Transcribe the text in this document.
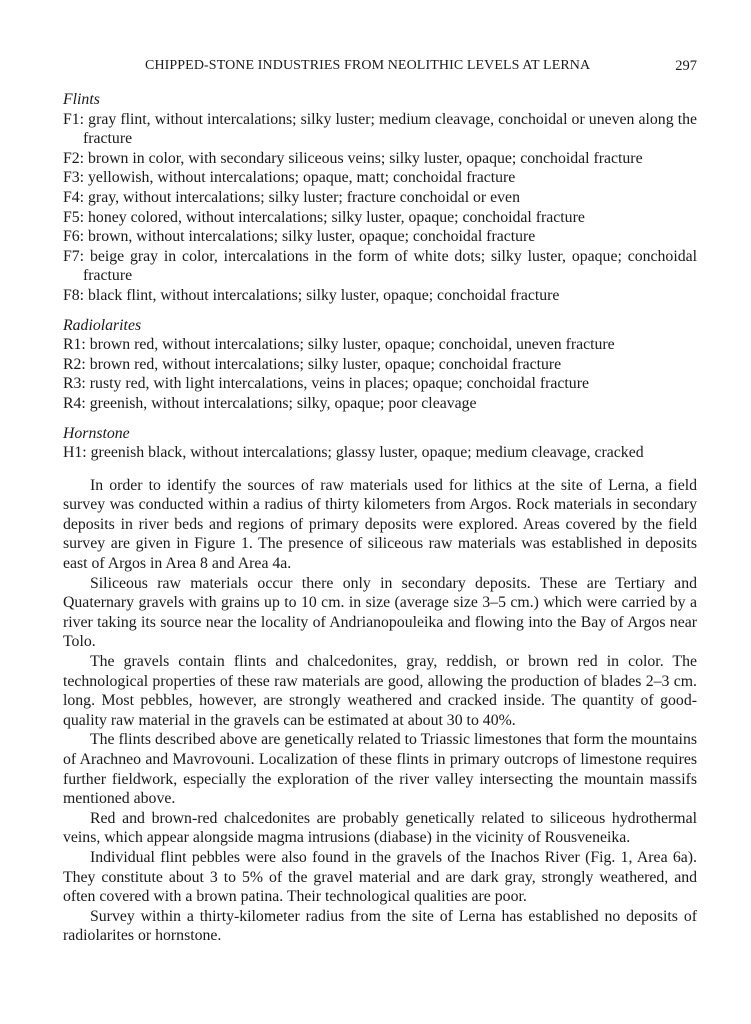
CHIPPED-STONE INDUSTRIES FROM NEOLITHIC LEVELS AT LERNA	297
Flints
F1: gray flint, without intercalations; silky luster; medium cleavage, conchoidal or uneven along the fracture
F2: brown in color, with secondary siliceous veins; silky luster, opaque; conchoidal fracture
F3: yellowish, without intercalations; opaque, matt; conchoidal fracture
F4: gray, without intercalations; silky luster; fracture conchoidal or even
F5: honey colored, without intercalations; silky luster, opaque; conchoidal fracture
F6: brown, without intercalations; silky luster, opaque; conchoidal fracture
F7: beige gray in color, intercalations in the form of white dots; silky luster, opaque; conchoidal fracture
F8: black flint, without intercalations; silky luster, opaque; conchoidal fracture
Radiolarites
R1: brown red, without intercalations; silky luster, opaque; conchoidal, uneven fracture
R2: brown red, without intercalations; silky luster, opaque; conchoidal fracture
R3: rusty red, with light intercalations, veins in places; opaque; conchoidal fracture
R4: greenish, without intercalations; silky, opaque; poor cleavage
Hornstone
H1: greenish black, without intercalations; glassy luster, opaque; medium cleavage, cracked

In order to identify the sources of raw materials used for lithics at the site of Lerna, a field survey was conducted within a radius of thirty kilometers from Argos. Rock materials in secondary deposits in river beds and regions of primary deposits were explored. Areas covered by the field survey are given in Figure 1. The presence of siliceous raw materials was established in deposits east of Argos in Area 8 and Area 4a.

Siliceous raw materials occur there only in secondary deposits. These are Tertiary and Quaternary gravels with grains up to 10 cm. in size (average size 3–5 cm.) which were carried by a river taking its source near the locality of Andrianopouleika and flowing into the Bay of Argos near Tolo.

The gravels contain flints and chalcedonites, gray, reddish, or brown red in color. The technological properties of these raw materials are good, allowing the production of blades 2–3 cm. long. Most pebbles, however, are strongly weathered and cracked inside. The quantity of good-quality raw material in the gravels can be estimated at about 30 to 40%.

The flints described above are genetically related to Triassic limestones that form the mountains of Arachneo and Mavrovouni. Localization of these flints in primary outcrops of limestone requires further fieldwork, especially the exploration of the river valley intersecting the mountain massifs mentioned above.

Red and brown-red chalcedonites are probably genetically related to siliceous hydrothermal veins, which appear alongside magma intrusions (diabase) in the vicinity of Rousveneika.

Individual flint pebbles were also found in the gravels of the Inachos River (Fig. 1, Area 6a). They constitute about 3 to 5% of the gravel material and are dark gray, strongly weathered, and often covered with a brown patina. Their technological qualities are poor.

Survey within a thirty-kilometer radius from the site of Lerna has established no deposits of radiolarites or hornstone.
